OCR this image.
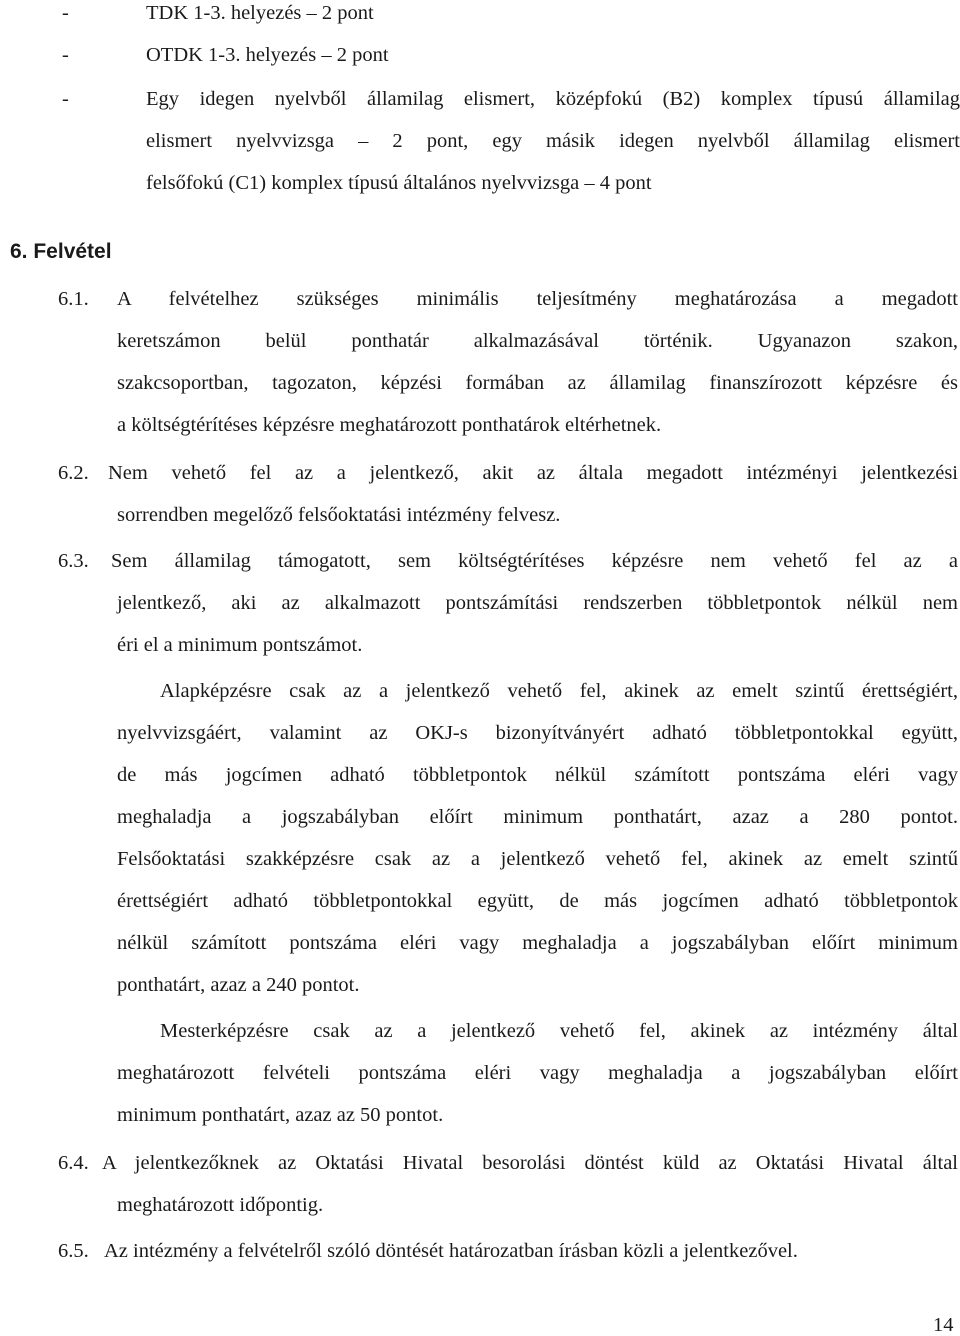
-	TDK 1-3. helyezés – 2 pont

-	OTDK 1-3. helyezés – 2 pont

-	Egy idegen nyelvből államilag elismert, középfokú (B2) komplex típusú államilag

elismert nyelvvizsga – 2 pont, egy másik idegen nyelvből államilag elismert

felsőfokú (C1) komplex típusú általános nyelvvizsga – 4 pont

6. Felvétel
6.1. A felvételhez szükséges minimális teljesítmény meghatározása a megadott

keretszámon belül ponthatár alkalmazásával történik. Ugyanazon szakon,

szakcsoportban, tagozaton, képzési formában az államilag finanszírozott képzésre és

a költségtérítéses képzésre meghatározott ponthatárok eltérhetnek.

6.2. Nem vehető fel az a jelentkező, akit az általa megadott intézményi jelentkezési

sorrendben megelőző felsőoktatási intézmény felvesz.

6.3. Sem államilag támogatott, sem költségtérítéses képzésre nem vehető fel az a

jelentkező, aki az alkalmazott pontszámítási rendszerben többletpontok nélkül nem

éri el a minimum pontszámot.

Alapképzésre csak az a jelentkező vehető fel, akinek az emelt szintű érettségiért,

nyelvvizsgáért, valamint az OKJ-s bizonyítványért adható többletpontokkal együtt,

de más jogcímen adható többletpontok nélkül számított pontszáma eléri vagy

meghaladja a jogszabályban előírt minimum ponthatárt, azaz a 280 pontot.

Felsőoktatási szakképzésre csak az a jelentkező vehető fel, akinek az emelt szintű

érettségiért adható többletpontokkal együtt, de más jogcímen adható többletpontok

nélkül számított pontszáma eléri vagy meghaladja a jogszabályban előírt minimum

ponthatárt, azaz a 240 pontot.

Mesterképzésre csak az a jelentkező vehető fel, akinek az intézmény által

meghatározott felvételi pontszáma eléri vagy meghaladja a jogszabályban előírt

minimum ponthatárt, azaz az 50 pontot.

6.4. A jelentkezőknek az Oktatási Hivatal besorolási döntést küld az Oktatási Hivatal által

meghatározott időpontig.

6.5. Az intézmény a felvételről szóló döntését határozatban írásban közli a jelentkezővel.

14
